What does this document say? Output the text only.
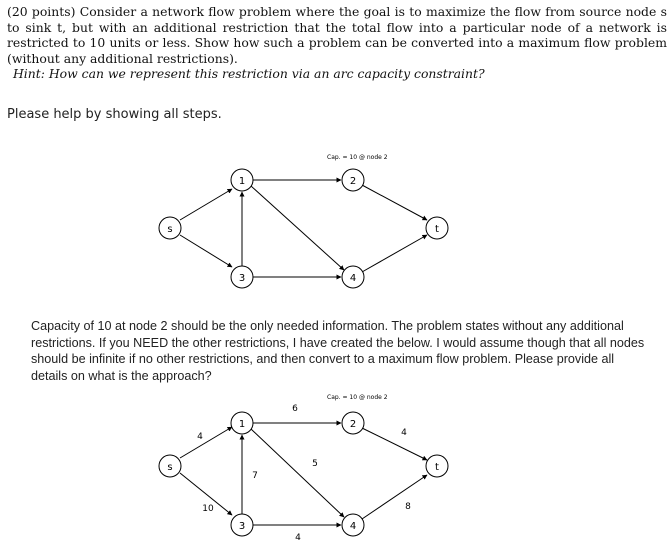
(20 points) Consider a network flow problem where the goal is to maximize the flow from source node s to sink t, but with an additional restriction that the total flow into a particular node of a network is restricted to 10 units or less. Show how such a problem can be converted into a maximum flow problem (without any additional restrictions).

Hint: How can we represent this restriction via an arc capacity constraint?

Please help by showing all steps.
Cap. = 10 @ node 2
s
1
3
2
4
t
Capacity of 10 at node 2 should be the only needed information. The problem states without any additional restrictions. If you NEED the other restrictions, I have created the below. I would assume though that all nodes should be infinite if no other restrictions, and then convert to a maximum flow problem. Please provide all details on what is the approach?
Cap. = 10 @ node 2
4
10
6
5
7
4
4
8
s
1
3
2
4
t
